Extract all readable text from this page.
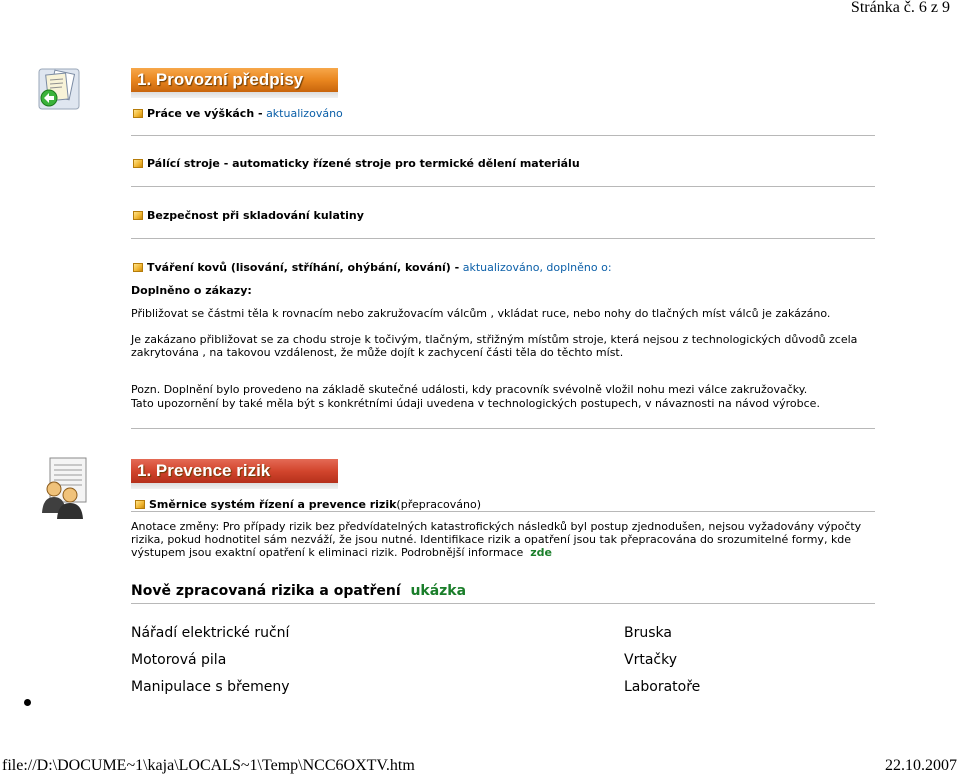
Stránka č. 6 z 9
1. Provozní předpisy
Práce ve výškách - aktualizováno
Pálící stroje - automaticky řízené stroje pro termické dělení materiálu
Bezpečnost při skladování kulatiny
Tváření kovů (lisování, stříhání, ohýbání, kování) - aktualizováno, doplněno o:
Doplněno o zákazy:
Přibližovat se částmi těla k rovnacím nebo zakružovacím válcům , vkládat ruce, nebo nohy do tlačných míst válců je zakázáno.
Je zakázano přibližovat se za chodu stroje k točivým, tlačným, střižným místům stroje, která nejsou z technologických důvodů zcela
zakrytována , na takovou vzdálenost, že může dojít k zachycení části těla do těchto míst.
Pozn. Doplnění bylo provedeno na základě skutečné události, kdy pracovník svévolně vložil nohu mezi válce zakružovačky.
Tato upozornění by také měla být s konkrétními údaji uvedena v technologických postupech, v návaznosti na návod výrobce.
1. Prevence rizik
Směrnice systém řízení a prevence rizik(přepracováno)
Anotace změny: Pro případy rizik bez předvídatelných katastrofických následků byl postup zjednodušen, nejsou vyžadovány výpočty
rizika, pokud hodnotitel sám nezváží, že jsou nutné. Identifikace rizik a opatření jsou tak přepracována do srozumitelné formy, kde
výstupem jsou exaktní opatření k eliminaci rizik. Podrobnější informace zde
Nově zpracovaná rizika a opatření ukázka
Nářadí elektrické ruční
Motorová pila
Manipulace s břemeny
Bruska
Vrtačky
Laboratoře
file://D:\DOCUME~1\kaja\LOCALS~1\Temp\NCC6OXTV.htm	22.10.2007
